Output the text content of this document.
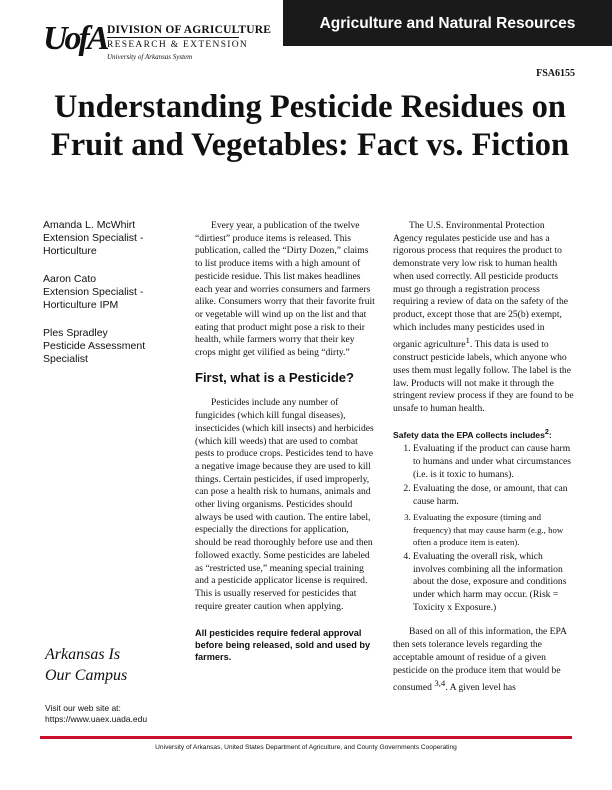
Agriculture and Natural Resources
UofA DIVISION OF AGRICULTURE
RESEARCH & EXTENSION
University of Arkansas System
FSA6155
Understanding Pesticide Residues on Fruit and Vegetables: Fact vs. Fiction
Amanda L. McWhirt
Extension Specialist - Horticulture
Aaron Cato
Extension Specialist - Horticulture IPM
Ples Spradley
Pesticide Assessment Specialist
Arkansas Is
Our Campus
Visit our web site at:
https://www.uaex.uada.edu

Every year, a publication of the twelve “dirtiest” produce items is released. This publication, called the “Dirty Dozen,” claims to list produce items with a high amount of pesticide residue. This list makes headlines each year and worries consumers and farmers alike. Consumers worry that their favorite fruit or vegetable will wind up on the list and that eating that product might pose a risk to their health, while farmers worry that their key crops might get vilified as being “dirty.”

First, what is a Pesticide?

Pesticides include any number of fungicides (which kill fungal diseases), insecticides (which kill insects) and herbicides (which kill weeds) that are used to combat pests to produce crops. Pesticides tend to have a negative image because they are used to kill things. Certain pesticides, if used improperly, can pose a health risk to humans, animals and other living organisms. Pesticides should always be used with caution. The entire label, especially the directions for application, should be read thoroughly before use and then followed exactly. Some pesticides are labeled as “restricted use,” meaning special training and a pesticide applicator license is required. This is usually reserved for pesticides that require greater caution when applying.

All pesticides require federal approval before being released, sold and used by farmers.

The U.S. Environmental Protection Agency regulates pesticide use and has a rigorous process that requires the product to demonstrate very low risk to human health when used correctly. All pesticide products must go through a registration process requiring a review of data on the safety of the product, except those that are 25(b) exempt, which includes many pesticides used in organic agriculture$^1$. This data is used to construct pesticide labels, which anyone who uses them must legally follow. The label is the law. Products will not make it through the stringent review process if they are found to be unsafe to human health.

Safety data the EPA collects includes$^2$:
1. Evaluating if the product can cause harm to humans and under what circumstances (i.e. is it toxic to humans).
2. Evaluating the dose, or amount, that can cause harm.
3. Evaluating the exposure (timing and frequency) that may cause harm (e.g., how often a produce item is eaten).
4. Evaluating the overall risk, which involves combining all the information about the dose, exposure and conditions under which harm may occur. (Risk = Toxicity x Exposure.)

Based on all of this information, the EPA then sets tolerance levels regarding the acceptable amount of residue of a given pesticide on the produce item that would be consumed $^{3,4}$. A given level has

University of Arkansas, United States Department of Agriculture, and County Governments Cooperating
